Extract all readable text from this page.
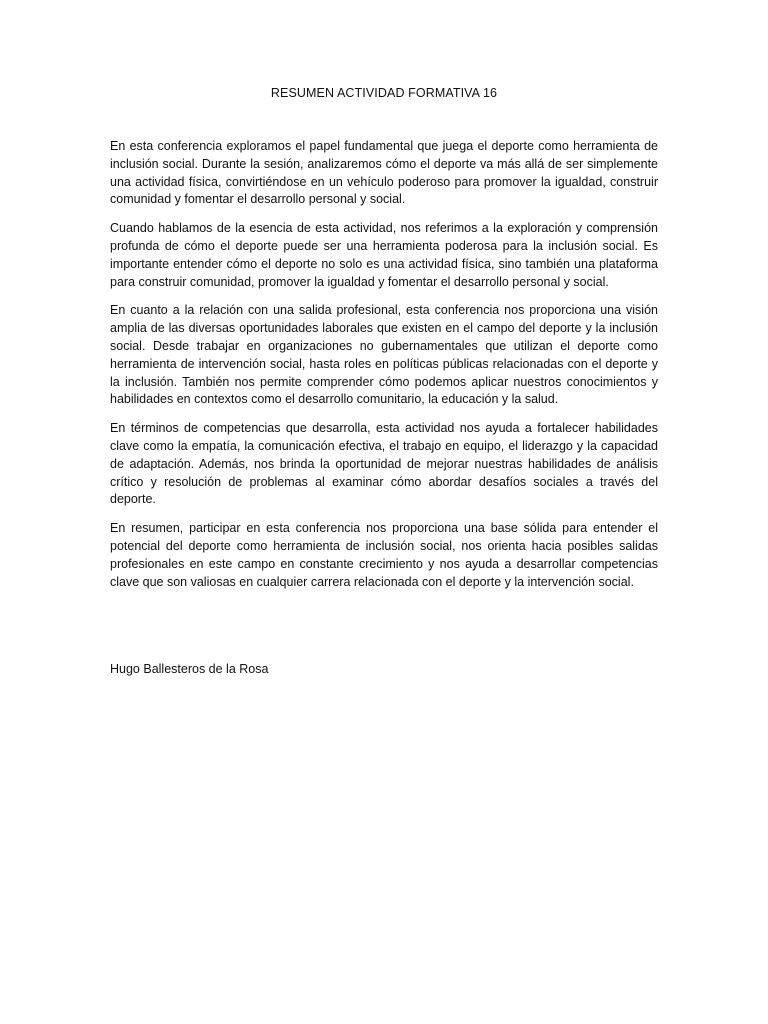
RESUMEN ACTIVIDAD FORMATIVA 16

En esta conferencia exploramos el papel fundamental que juega el deporte como herramienta de inclusión social. Durante la sesión, analizaremos cómo el deporte va más allá de ser simplemente una actividad física, convirtiéndose en un vehículo poderoso para promover la igualdad, construir comunidad y fomentar el desarrollo personal y social.

Cuando hablamos de la esencia de esta actividad, nos referimos a la exploración y comprensión profunda de cómo el deporte puede ser una herramienta poderosa para la inclusión social. Es importante entender cómo el deporte no solo es una actividad física, sino también una plataforma para construir comunidad, promover la igualdad y fomentar el desarrollo personal y social.

En cuanto a la relación con una salida profesional, esta conferencia nos proporciona una visión amplia de las diversas oportunidades laborales que existen en el campo del deporte y la inclusión social. Desde trabajar en organizaciones no gubernamentales que utilizan el deporte como herramienta de intervención social, hasta roles en políticas públicas relacionadas con el deporte y la inclusión. También nos permite comprender cómo podemos aplicar nuestros conocimientos y habilidades en contextos como el desarrollo comunitario, la educación y la salud.

En términos de competencias que desarrolla, esta actividad nos ayuda a fortalecer habilidades clave como la empatía, la comunicación efectiva, el trabajo en equipo, el liderazgo y la capacidad de adaptación. Además, nos brinda la oportunidad de mejorar nuestras habilidades de análisis crítico y resolución de problemas al examinar cómo abordar desafíos sociales a través del deporte.

En resumen, participar en esta conferencia nos proporciona una base sólida para entender el potencial del deporte como herramienta de inclusión social, nos orienta hacia posibles salidas profesionales en este campo en constante crecimiento y nos ayuda a desarrollar competencias clave que son valiosas en cualquier carrera relacionada con el deporte y la intervención social.

Hugo Ballesteros de la Rosa
